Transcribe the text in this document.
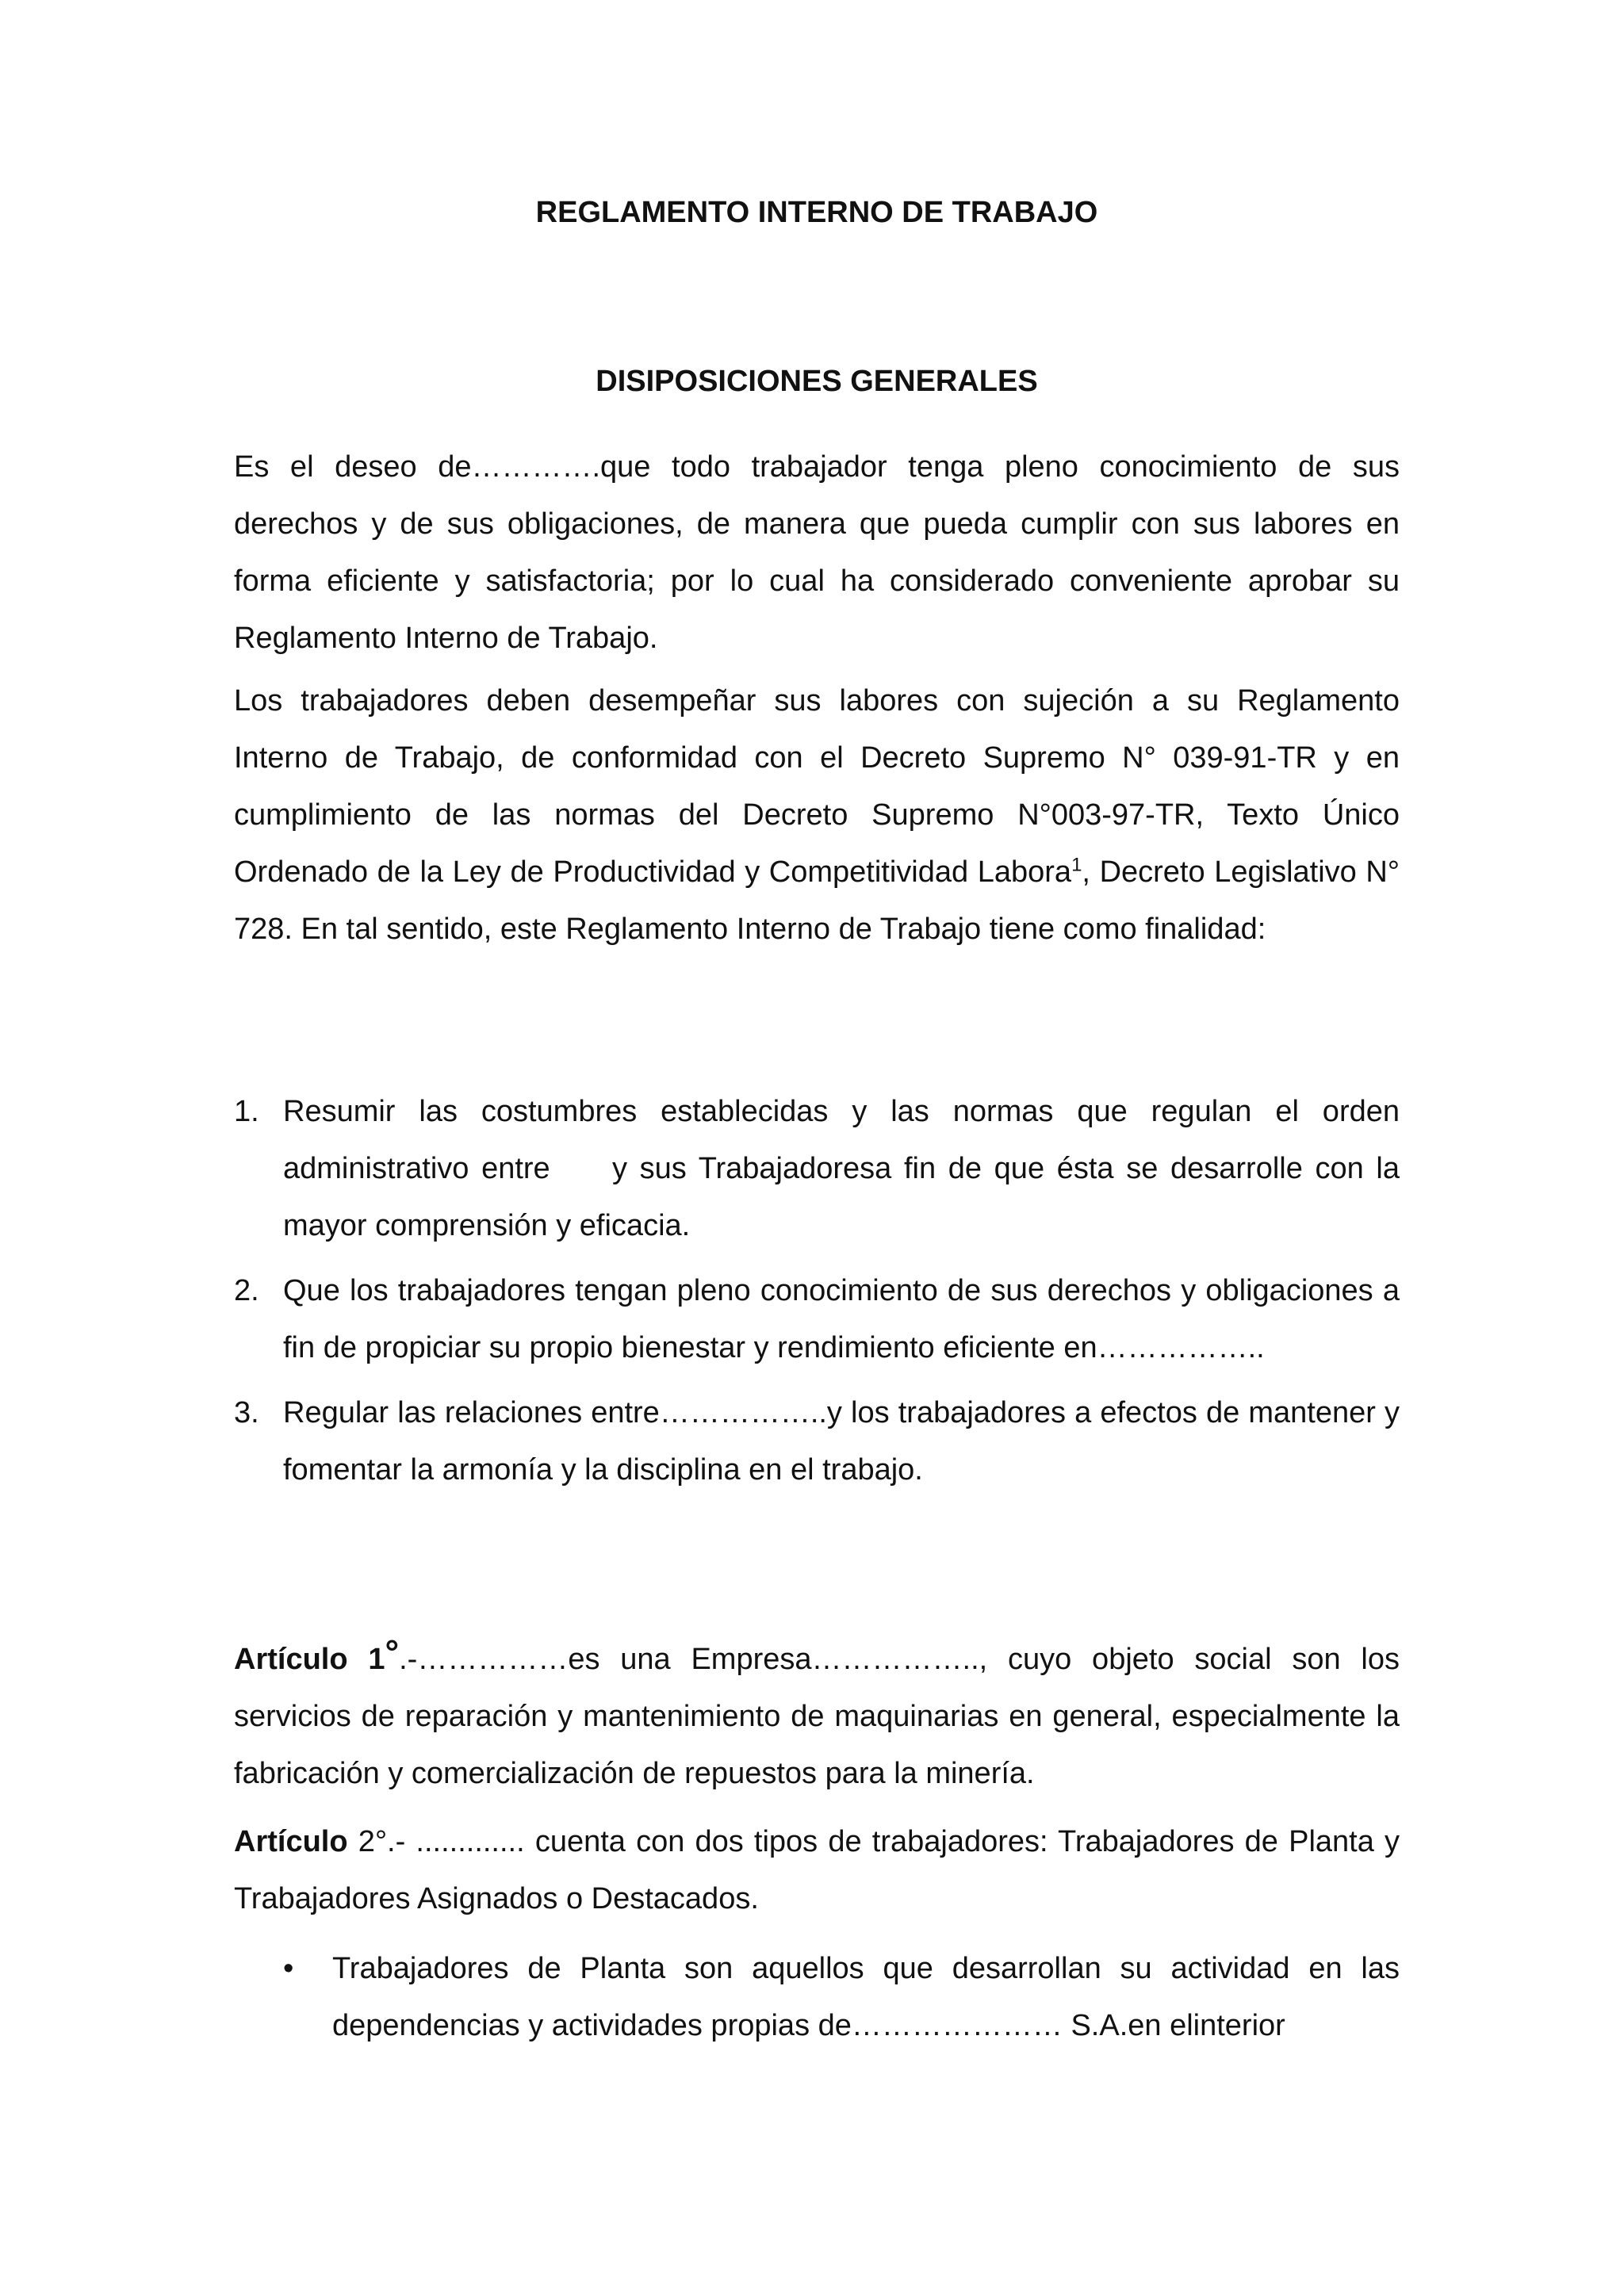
REGLAMENTO INTERNO DE TRABAJO
DISIPOSICIONES GENERALES

Es el deseo de………….que todo trabajador tenga pleno conocimiento de sus derechos y de sus obligaciones, de manera que pueda cumplir con sus labores en forma eficiente y satisfactoria; por lo cual ha considerado conveniente aprobar su Reglamento Interno de Trabajo.

Los trabajadores deben desempeñar sus labores con sujeción a su Reglamento Interno de Trabajo, de conformidad con el Decreto Supremo N° 039-91-TR y en cumplimiento de las normas del Decreto Supremo N°003-97-TR, Texto Único Ordenado de la Ley de Productividad y Competitividad Labora$^1$, Decreto Legislativo N° 728. En tal sentido, este Reglamento Interno de Trabajo tiene como finalidad:

1. Resumir las costumbres establecidas y las normas que regulan el orden administrativo entre     y sus Trabajadoresa fin de que ésta se desarrolle con la mayor comprensión y eficacia.
2. Que los trabajadores tengan pleno conocimiento de sus derechos y obligaciones a fin de propiciar su propio bienestar y rendimiento eficiente en……………..
3. Regular las relaciones entre……………..y los trabajadores a efectos de mantener y fomentar la armonía y la disciplina en el trabajo.

Artículo 1°.-……………es una Empresa…………….., cuyo objeto social son los servicios de reparación y mantenimiento de maquinarias en general, especialmente la fabricación y comercialización de repuestos para la minería.

Artículo 2°.- ............. cuenta con dos tipos de trabajadores: Trabajadores de Planta y Trabajadores Asignados o Destacados.

• Trabajadores de Planta son aquellos que desarrollan su actividad en las dependencias y actividades propias de………………… S.A.en elinterior
